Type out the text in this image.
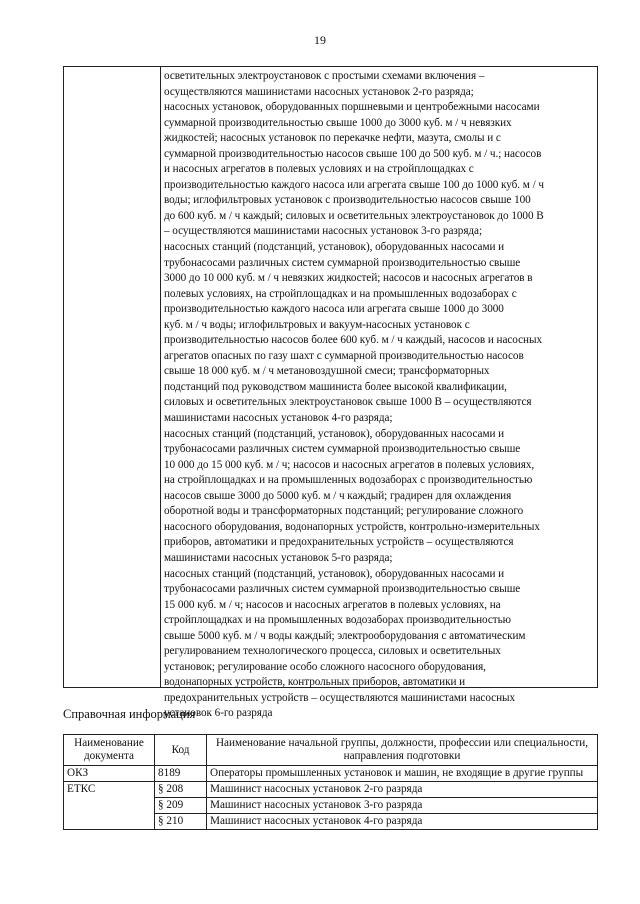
19
осветительных электроустановок с простыми схемами включения –
осуществляются машинистами насосных установок 2-го разряда;
насосных установок, оборудованных поршневыми и центробежными насосами
суммарной производительностью свыше 1000 до 3000 куб. м / ч невязких
жидкостей; насосных установок по перекачке нефти, мазута, смолы и с
суммарной производительностью насосов свыше 100 до 500 куб. м / ч.; насосов
и насосных агрегатов в полевых условиях и на стройплощадках с
производительностью каждого насоса или агрегата свыше 100 до 1000 куб. м / ч
воды; иглофильтровых установок с производительностью насосов свыше 100
до 600 куб. м / ч каждый; силовых и осветительных электроустановок до 1000 В
– осуществляются машинистами насосных установок 3-го разряда;
насосных станций (подстанций, установок), оборудованных насосами и
трубонасосами различных систем суммарной производительностью свыше
3000 до 10 000 куб. м / ч невязких жидкостей; насосов и насосных агрегатов в
полевых условиях, на стройплощадках и на промышленных водозаборах с
производительностью каждого насоса или агрегата свыше 1000 до 3000
куб. м / ч воды; иглофильтровых и вакуум-насосных установок с
производительностью насосов более 600 куб. м / ч каждый, насосов и насосных
агрегатов опасных по газу шахт с суммарной производительностью насосов
свыше 18 000 куб. м / ч метановоздушной смеси; трансформаторных
подстанций под руководством машиниста более высокой квалификации,
силовых и осветительных электроустановок свыше 1000 В – осуществляются
машинистами насосных установок 4-го разряда;
насосных станций (подстанций, установок), оборудованных насосами и
трубонасосами различных систем суммарной производительностью свыше
10 000 до 15 000 куб. м / ч; насосов и насосных агрегатов в полевых условиях,
на стройплощадках и на промышленных водозаборах с производительностью
насосов свыше 3000 до 5000 куб. м / ч каждый; градирен для охлаждения
оборотной воды и трансформаторных подстанций; регулирование сложного
насосного оборудования, водонапорных устройств, контрольно-измерительных
приборов, автоматики и предохранительных устройств – осуществляются
машинистами насосных установок 5-го разряда;
насосных станций (подстанций, установок), оборудованных насосами и
трубонасосами различных систем суммарной производительностью свыше
15 000 куб. м / ч; насосов и насосных агрегатов в полевых условиях, на
стройплощадках и на промышленных водозаборах производительностью
свыше 5000 куб. м / ч воды каждый; электрооборудования с автоматическим
регулированием технологического процесса, силовых и осветительных
установок; регулирование особо сложного насосного оборудования,
водонапорных устройств, контрольных приборов, автоматики и
предохранительных устройств – осуществляются машинистами насосных
установок 6-го разряда
Справочная информация
Наименование документа	Код	Наименование начальной группы, должности, профессии или специальности, направления подготовки
ОКЗ	8189	Операторы промышленных установок и машин, не входящие в другие группы
ЕТКС	§ 208	Машинист насосных установок 2-го разряда
	§ 209	Машинист насосных установок 3-го разряда
	§ 210	Машинист насосных установок 4-го разряда
